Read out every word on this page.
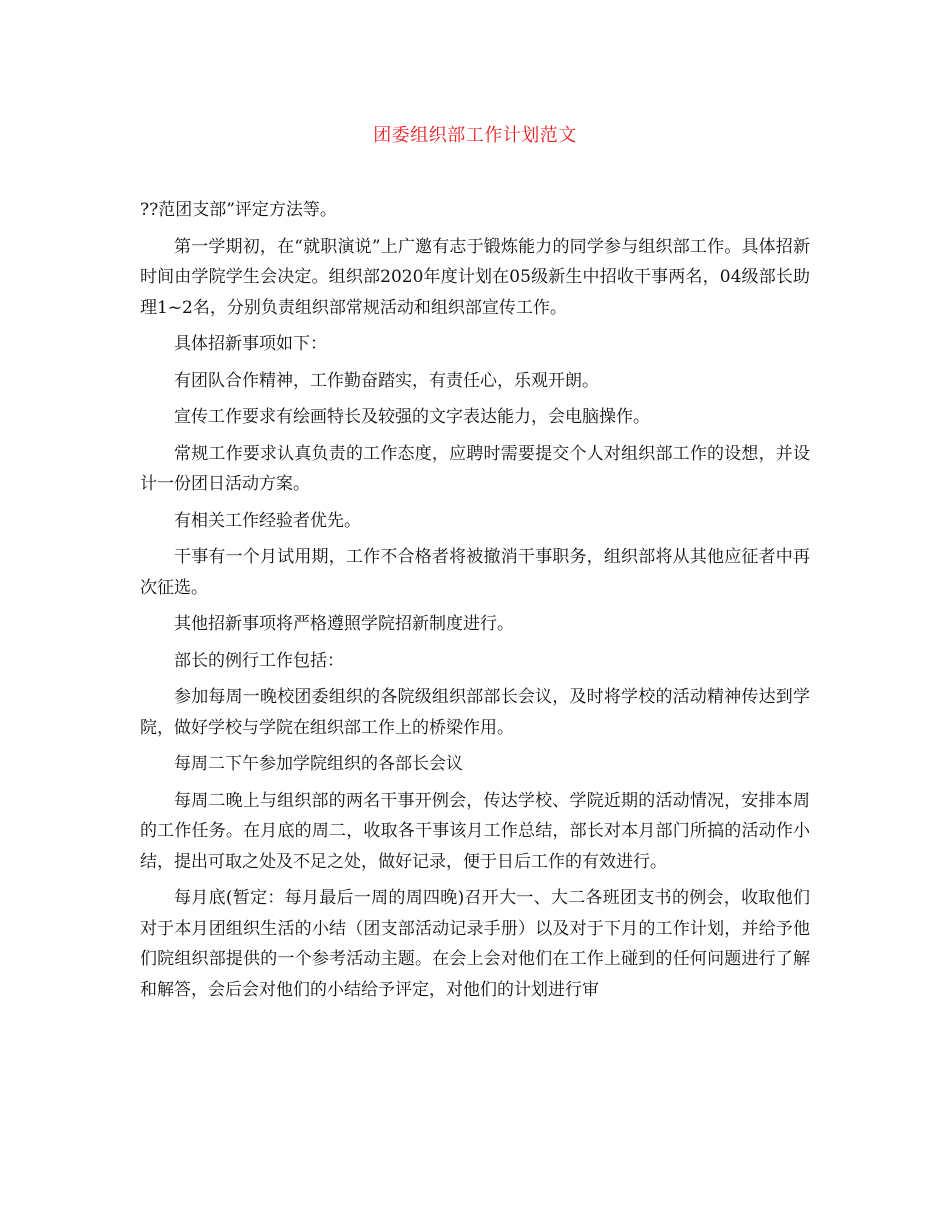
团委组织部工作计划范文

??范团支部”评定方法等。

第一学期初，在“就职演说”上广邀有志于锻炼能力的同学参与组织部工作。具体招新时间由学院学生会决定。组织部2020年度计划在05级新生中招收干事两名，04级部长助理1~2名，分别负责组织部常规活动和组织部宣传工作。

具体招新事项如下：

有团队合作精神，工作勤奋踏实，有责任心，乐观开朗。

宣传工作要求有绘画特长及较强的文字表达能力，会电脑操作。

常规工作要求认真负责的工作态度，应聘时需要提交个人对组织部工作的设想，并设计一份团日活动方案。

有相关工作经验者优先。

干事有一个月试用期，工作不合格者将被撤消干事职务，组织部将从其他应征者中再次征选。

其他招新事项将严格遵照学院招新制度进行。

部长的例行工作包括：

参加每周一晚校团委组织的各院级组织部部长会议，及时将学校的活动精神传达到学院，做好学校与学院在组织部工作上的桥梁作用。

每周二下午参加学院组织的各部长会议

每周二晚上与组织部的两名干事开例会，传达学校、学院近期的活动情况，安排本周的工作任务。在月底的周二，收取各干事该月工作总结，部长对本月部门所搞的活动作小结，提出可取之处及不足之处，做好记录，便于日后工作的有效进行。

每月底(暂定：每月最后一周的周四晚)召开大一、大二各班团支书的例会，收取他们对于本月团组织生活的小结（团支部活动记录手册）以及对于下月的工作计划，并给予他们院组织部提供的一个参考活动主题。在会上会对他们在工作上碰到的任何问题进行了解和解答，会后会对他们的小结给予评定，对他们的计划进行审
